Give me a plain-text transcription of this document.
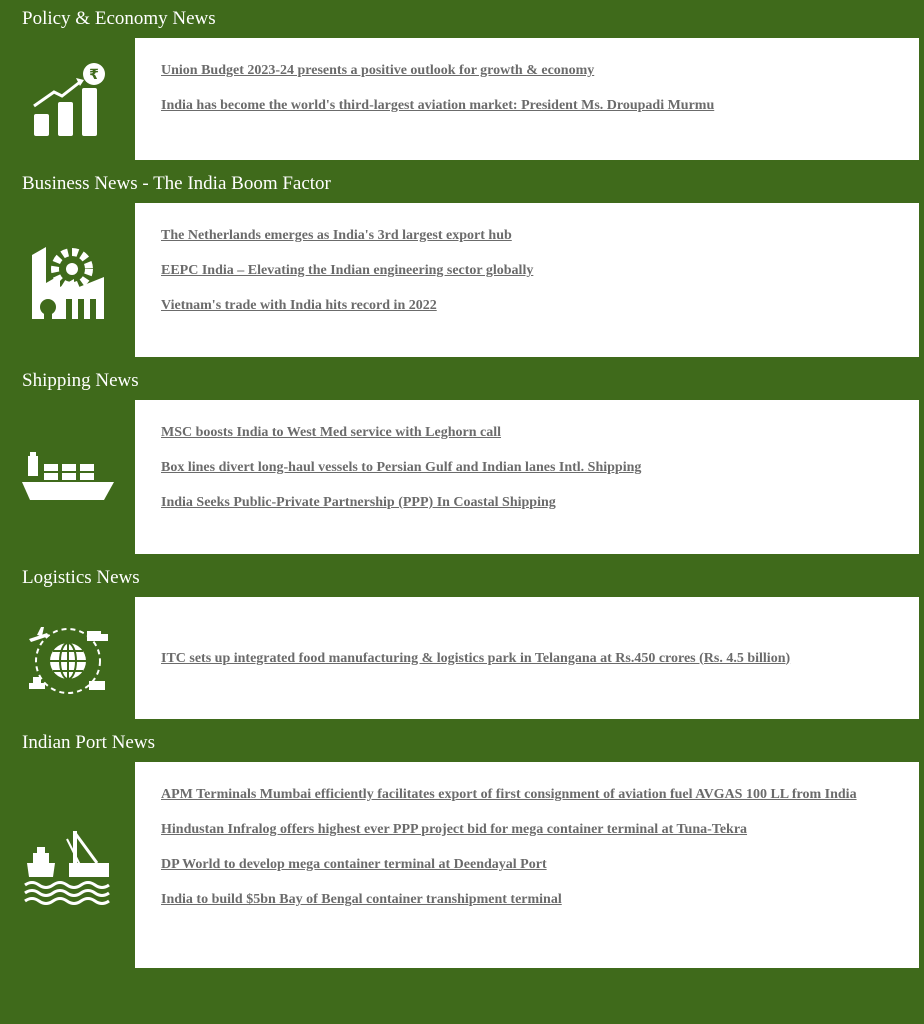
Policy & Economy News
₹	Union Budget 2023-24 presents a positive outlook for growth & economy
India has become the world's third-largest aviation market: President Ms. Droupadi Murmu
Business News - The India Boom Factor
The Netherlands emerges as India's 3rd largest export hub
EEPC India – Elevating the Indian engineering sector globally
Vietnam's trade with India hits record in 2022
Shipping News
MSC boosts India to West Med service with Leghorn call
Box lines divert long-haul vessels to Persian Gulf and Indian lanes Intl. Shipping
India Seeks Public-Private Partnership (PPP) In Coastal Shipping
Logistics News
ITC sets up integrated food manufacturing & logistics park in Telangana at Rs.450 crores (Rs. 4.5 billion)
Indian Port News
APM Terminals Mumbai efficiently facilitates export of first consignment of aviation fuel AVGAS 100 LL from India
Hindustan Infralog offers highest ever PPP project bid for mega container terminal at Tuna-Tekra
DP World to develop mega container terminal at Deendayal Port
India to build $5bn Bay of Bengal container transhipment terminal
